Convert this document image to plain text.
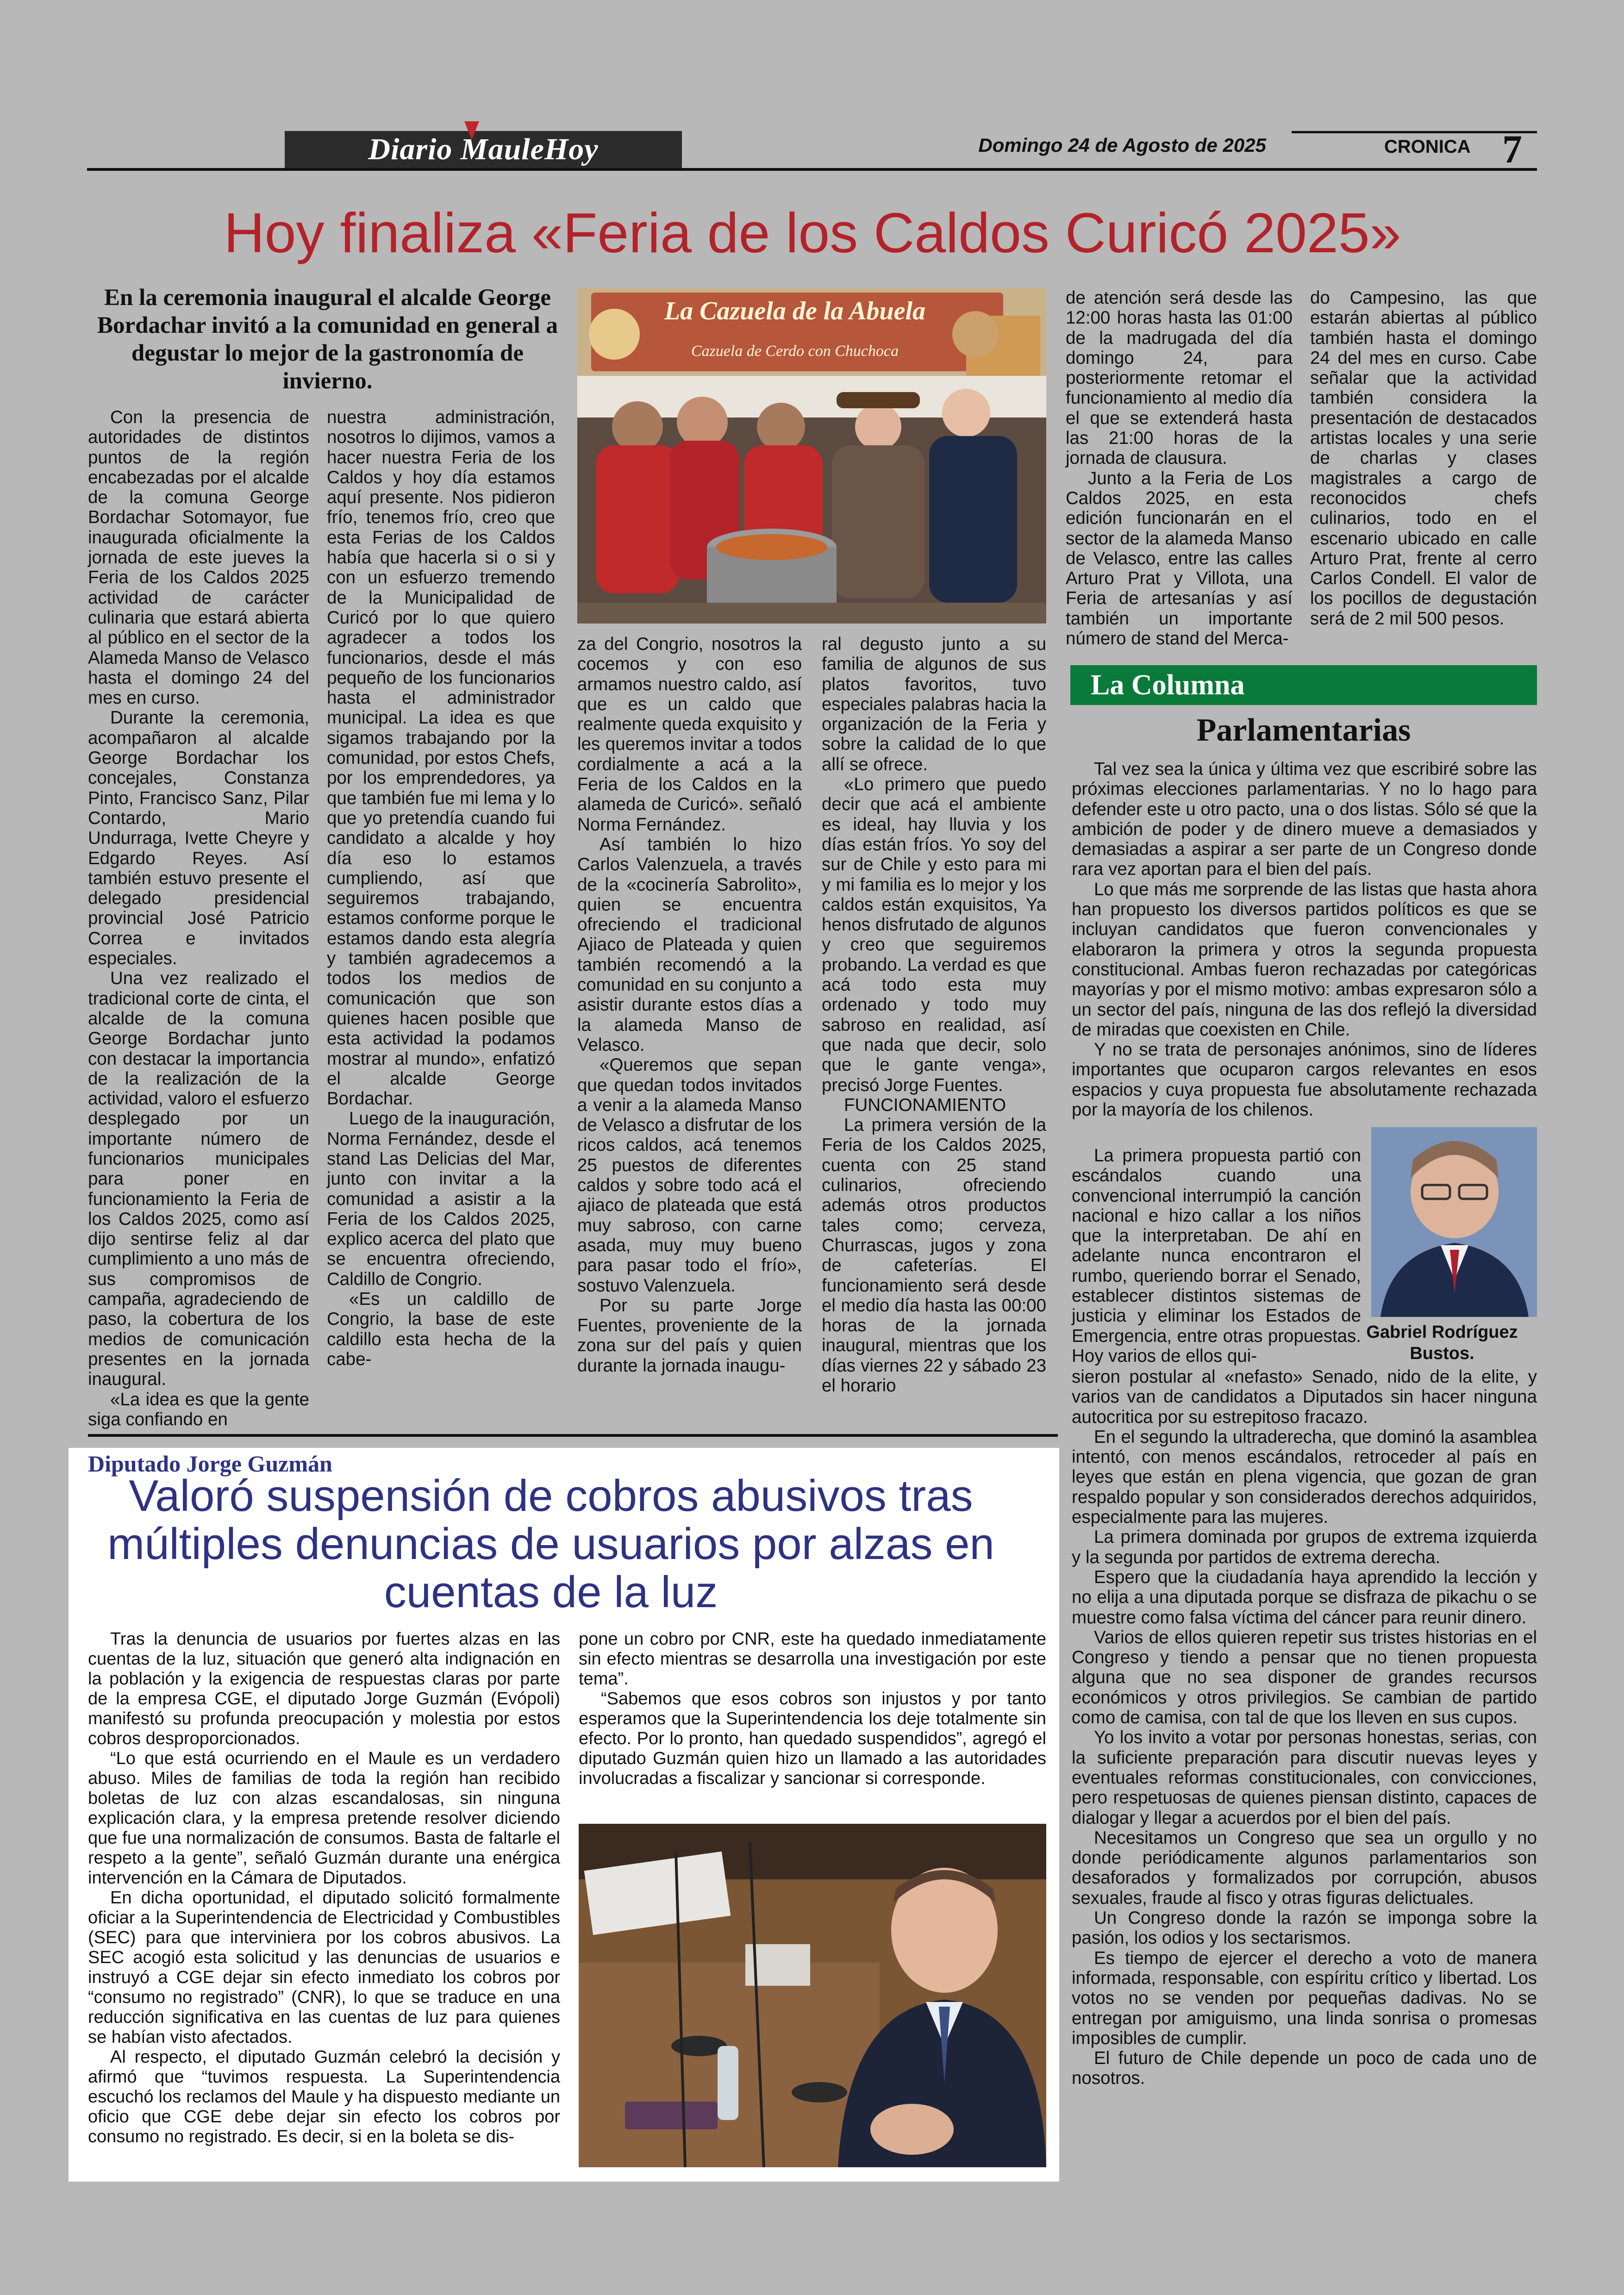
Diario MauleHoy	Domingo 24 de Agosto de 2025	CRONICA 7
Hoy finaliza «Feria de los Caldos Curicó 2025»
En la ceremonia inaugural el alcalde George Bordachar invitó a la comunidad en general a degustar lo mejor de la gastronomía de invierno.

Con la presencia de autoridades de distintos puntos de la región encabezadas por el alcalde de la comuna George Bordachar Sotomayor, fue inaugurada oficialmente la jornada de este jueves la Feria de los Caldos 2025 actividad de carácter culinaria que estará abierta al público en el sector de la Alameda Manso de Velasco hasta el domingo 24 del mes en curso.

Durante la ceremonia, acompañaron al alcalde George Bordachar los concejales, Constanza Pinto, Francisco Sanz, Pilar Contardo, Mario Undurraga, Ivette Cheyre y Edgardo Reyes. Así también estuvo presente el delegado presidencial provincial José Patricio Correa e invitados especiales.

Una vez realizado el tradicional corte de cinta, el alcalde de la comuna George Bordachar junto con destacar la importancia de la realización de la actividad, valoro el esfuerzo desplegado por un importante número de funcionarios municipales para poner en funcionamiento la Feria de los Caldos 2025, como así dijo sentirse feliz al dar cumplimiento a uno más de sus compromisos de campaña, agradeciendo de paso, la cobertura de los medios de comunicación presentes en la jornada inaugural.

«La idea es que la gente siga confiando en

nuestra administración, nosotros lo dijimos, vamos a hacer nuestra Feria de los Caldos y hoy día estamos aquí presente. Nos pidieron frío, tenemos frío, creo que esta Ferias de los Caldos había que hacerla si o si y con un esfuerzo tremendo de la Municipalidad de Curicó por lo que quiero agradecer a todos los funcionarios, desde el más pequeño de los funcionarios hasta el administrador municipal. La idea es que sigamos trabajando por la comunidad, por estos Chefs, por los emprendedores, ya que también fue mi lema y lo que yo pretendía cuando fui candidato a alcalde y hoy día eso lo estamos cumpliendo, así que seguiremos trabajando, estamos conforme porque le estamos dando esta alegría y también agradecemos a todos los medios de comunicación que son quienes hacen posible que esta actividad la podamos mostrar al mundo», enfatizó el alcalde George Bordachar.

Luego de la inauguración, Norma Fernández, desde el stand Las Delicias del Mar, junto con invitar a la comunidad a asistir a la Feria de los Caldos 2025, explico acerca del plato que se encuentra ofreciendo, Caldillo de Congrio.

«Es un caldillo de Congrio, la base de este caldillo esta hecha de la cabe-

La Cazuela de la Abuela
Cazuela de Cerdo con Chuchoca

za del Congrio, nosotros la cocemos y con eso armamos nuestro caldo, así que es un caldo que realmente queda exquisito y les queremos invitar a todos cordialmente a acá a la Feria de los Caldos en la alameda de Curicó». señaló Norma Fernández.

Así también lo hizo Carlos Valenzuela, a través de la «cocinería Sabrolito», quien se encuentra ofreciendo el tradicional Ajiaco de Plateada y quien también recomendó a la comunidad en su conjunto a asistir durante estos días a la alameda Manso de Velasco.

«Queremos que sepan que quedan todos invitados a venir a la alameda Manso de Velasco a disfrutar de los ricos caldos, acá tenemos 25 puestos de diferentes caldos y sobre todo acá el ajiaco de plateada que está muy sabroso, con carne asada, muy muy bueno para pasar todo el frío», sostuvo Valenzuela.

Por su parte Jorge Fuentes, proveniente de la zona sur del país y quien durante la jornada inaugu-

ral degusto junto a su familia de algunos de sus platos favoritos, tuvo especiales palabras hacia la organización de la Feria y sobre la calidad de lo que allí se ofrece.

«Lo primero que puedo decir que acá el ambiente es ideal, hay lluvia y los días están fríos. Yo soy del sur de Chile y esto para mi y mi familia es lo mejor y los caldos están exquisitos, Ya henos disfrutado de algunos y creo que seguiremos probando. La verdad es que acá todo esta muy ordenado y todo muy sabroso en realidad, así que nada que decir, solo que le gante venga», precisó Jorge Fuentes.

FUNCIONAMIENTO

La primera versión de la Feria de los Caldos 2025, cuenta con 25 stand culinarios, ofreciendo además otros productos tales como; cerveza, Churrascas, jugos y zona de cafeterías. El funcionamiento será desde el medio día hasta las 00:00 horas de la jornada inaugural, mientras que los días viernes 22 y sábado 23 el horario

de atención será desde las 12:00 horas hasta las 01:00 de la madrugada del día domingo 24, para posteriormente retomar el funcionamiento al medio día el que se extenderá hasta las 21:00 horas de la jornada de clausura.

Junto a la Feria de Los Caldos 2025, en esta edición funcionarán en el sector de la alameda Manso de Velasco, entre las calles Arturo Prat y Villota, una Feria de artesanías y así también un importante número de stand del Merca-

do Campesino, las que estarán abiertas al público también hasta el domingo 24 del mes en curso. Cabe señalar que la actividad también considera la presentación de destacados artistas locales y una serie de charlas y clases magistrales a cargo de reconocidos chefs culinarios, todo en el escenario ubicado en calle Arturo Prat, frente al cerro Carlos Condell. El valor de los pocillos de degustación será de 2 mil 500 pesos.

La Columna
Parlamentarias

Tal vez sea la única y última vez que escribiré sobre las próximas elecciones parlamentarias. Y no lo hago para defender este u otro pacto, una o dos listas. Sólo sé que la ambición de poder y de dinero mueve a demasiados y demasiadas a aspirar a ser parte de un Congreso donde rara vez aportan para el bien del país.

Lo que más me sorprende de las listas que hasta ahora han propuesto los diversos partidos políticos es que se incluyan candidatos que fueron convencionales y elaboraron la primera y otros la segunda propuesta constitucional. Ambas fueron rechazadas por categóricas mayorías y por el mismo motivo: ambas expresaron sólo a un sector del país, ninguna de las dos reflejó la diversidad de miradas que coexisten en Chile.

Y no se trata de personajes anónimos, sino de líderes importantes que ocuparon cargos relevantes en esos espacios y cuya propuesta fue absolutamente rechazada por la mayoría de los chilenos.

Gabriel Rodríguez Bustos.

La primera propuesta partió con escándalos cuando una convencional interrumpió la canción nacional e hizo callar a los niños que la interpretaban. De ahí en adelante nunca encontraron el rumbo, queriendo borrar el Senado, establecer distintos sistemas de justicia y eliminar los Estados de Emergencia, entre otras propuestas. Hoy varios de ellos qui-

sieron postular al «nefasto» Senado, nido de la elite, y varios van de candidatos a Diputados sin hacer ninguna autocritica por su estrepitoso fracazo.

En el segundo la ultraderecha, que dominó la asamblea intentó, con menos escándalos, retroceder al país en leyes que están en plena vigencia, que gozan de gran respaldo popular y son considerados derechos adquiridos, especialmente para las mujeres.

La primera dominada por grupos de extrema izquierda y la segunda por partidos de extrema derecha.

Espero que la ciudadanía haya aprendido la lección y no elija a una diputada porque se disfraza de pikachu o se muestre como falsa víctima del cáncer para reunir dinero.

Varios de ellos quieren repetir sus tristes historias en el Congreso y tiendo a pensar que no tienen propuesta alguna que no sea disponer de grandes recursos económicos y otros privilegios. Se cambian de partido como de camisa, con tal de que los lleven en sus cupos.

Yo los invito a votar por personas honestas, serias, con la suficiente preparación para discutir nuevas leyes y eventuales reformas constitucionales, con convicciones, pero respetuosas de quienes piensan distinto, capaces de dialogar y llegar a acuerdos por el bien del país.

Necesitamos un Congreso que sea un orgullo y no donde periódicamente algunos parlamentarios son desaforados y formalizados por corrupción, abusos sexuales, fraude al fisco y otras figuras delictuales.

Un Congreso donde la razón se imponga sobre la pasión, los odios y los sectarismos.

Es tiempo de ejercer el derecho a voto de manera informada, responsable, con espíritu crítico y libertad. Los votos no se venden por pequeñas dadivas. No se entregan por amiguismo, una linda sonrisa o promesas imposibles de cumplir.

El futuro de Chile depende un poco de cada uno de nosotros.

Diputado Jorge Guzmán
Valoró suspensión de cobros abusivos tras múltiples denuncias de usuarios por alzas en cuentas de la luz

Tras la denuncia de usuarios por fuertes alzas en las cuentas de la luz, situación que generó alta indignación en la población y la exigencia de respuestas claras por parte de la empresa CGE, el diputado Jorge Guzmán (Evópoli) manifestó su profunda preocupación y molestia por estos cobros desproporcionados.

“Lo que está ocurriendo en el Maule es un verdadero abuso. Miles de familias de toda la región han recibido boletas de luz con alzas escandalosas, sin ninguna explicación clara, y la empresa pretende resolver diciendo que fue una normalización de consumos. Basta de faltarle el respeto a la gente”, señaló Guzmán durante una enérgica intervención en la Cámara de Diputados.

En dicha oportunidad, el diputado solicitó formalmente oficiar a la Superintendencia de Electricidad y Combustibles (SEC) para que interviniera por los cobros abusivos. La SEC acogió esta solicitud y las denuncias de usuarios e instruyó a CGE dejar sin efecto inmediato los cobros por “consumo no registrado” (CNR), lo que se traduce en una reducción significativa en las cuentas de luz para quienes se habían visto afectados.

Al respecto, el diputado Guzmán celebró la decisión y afirmó que “tuvimos respuesta. La Superintendencia escuchó los reclamos del Maule y ha dispuesto mediante un oficio que CGE debe dejar sin efecto los cobros por consumo no registrado. Es decir, si en la boleta se dis-

pone un cobro por CNR, este ha quedado inmediatamente sin efecto mientras se desarrolla una investigación por este tema”.

“Sabemos que esos cobros son injustos y por tanto esperamos que la Superintendencia los deje totalmente sin efecto. Por lo pronto, han quedado suspendidos”, agregó el diputado Guzmán quien hizo un llamado a las autoridades involucradas a fiscalizar y sancionar si corresponde.
